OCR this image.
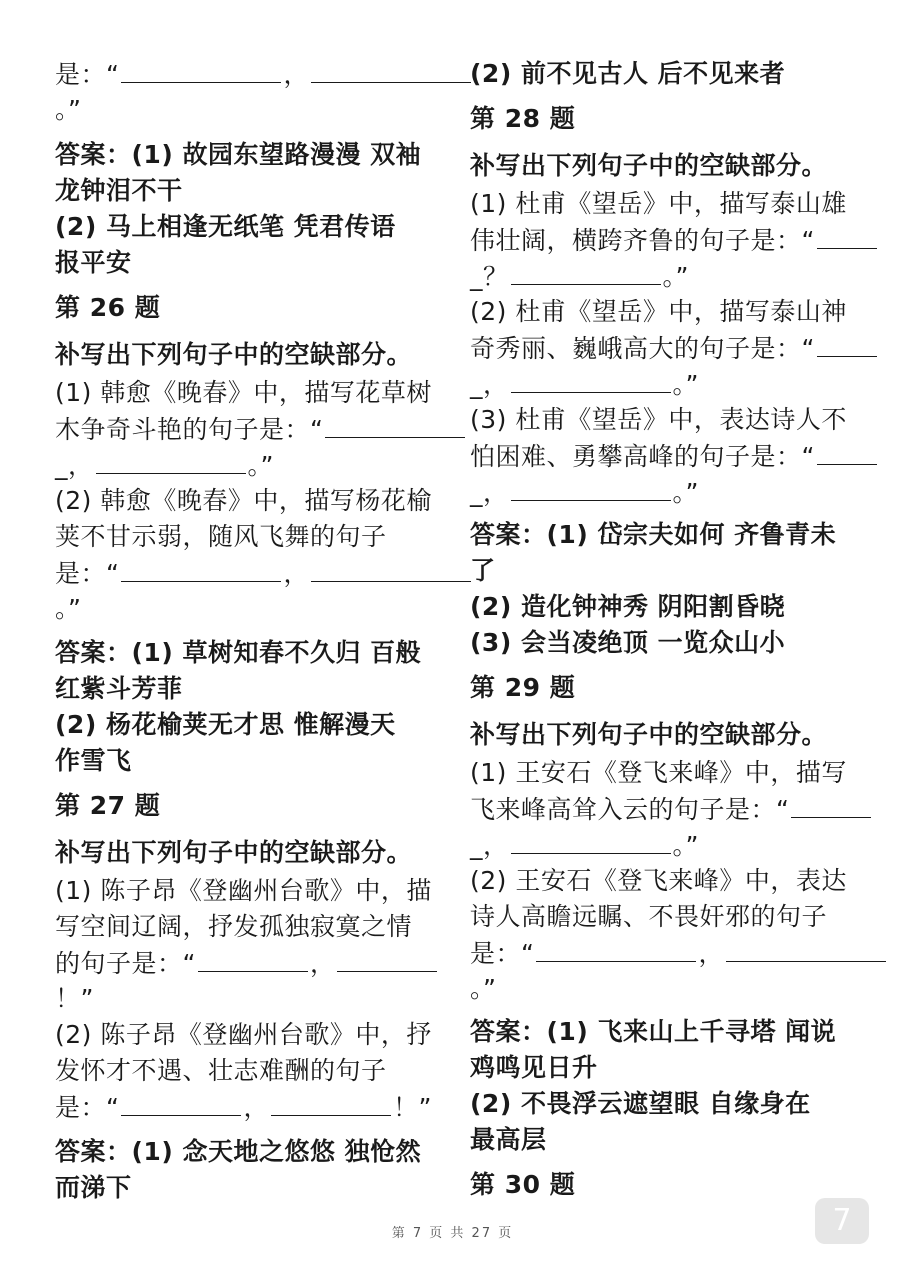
是：“	，
。”
答案：(1) 故园东望路漫漫 双袖
龙钟泪不干
(2) 马上相逢无纸笔 凭君传语
报平安
第 26 题
补写出下列句子中的空缺部分。
(1) 韩愈《晚春》中，描写花草树
木争奇斗艳的句子是：“
_，	。”
(2) 韩愈《晚春》中，描写杨花榆
荚不甘示弱，随风飞舞的句子
是：“	，
。”
答案：(1) 草树知春不久归 百般
红紫斗芳菲
(2) 杨花榆荚无才思 惟解漫天
作雪飞
第 27 题
补写出下列句子中的空缺部分。
(1) 陈子昂《登幽州台歌》中，描
写空间辽阔，抒发孤独寂寞之情
的句子是：“	，
！”
(2) 陈子昂《登幽州台歌》中，抒
发怀才不遇、壮志难酬的句子
是：“	，	！”
答案：(1) 念天地之悠悠 独怆然
而涕下
(2) 前不见古人 后不见来者
第 28 题
补写出下列句子中的空缺部分。
(1) 杜甫《望岳》中，描写泰山雄
伟壮阔，横跨齐鲁的句子是：“
_？	。”
(2) 杜甫《望岳》中，描写泰山神
奇秀丽、巍峨高大的句子是：“
_，	。”
(3) 杜甫《望岳》中，表达诗人不
怕困难、勇攀高峰的句子是：“
_，	。”
答案：(1) 岱宗夫如何 齐鲁青未
了
(2) 造化钟神秀 阴阳割昏晓
(3) 会当凌绝顶 一览众山小
第 29 题
补写出下列句子中的空缺部分。
(1) 王安石《登飞来峰》中，描写
飞来峰高耸入云的句子是：“
_，	。”
(2) 王安石《登飞来峰》中，表达
诗人高瞻远瞩、不畏奸邪的句子
是：“	，
。”
答案：(1) 飞来山上千寻塔 闻说
鸡鸣见日升
(2) 不畏浮云遮望眼 自缘身在
最高层
第 30 题
第 7 页 共 27 页	7
